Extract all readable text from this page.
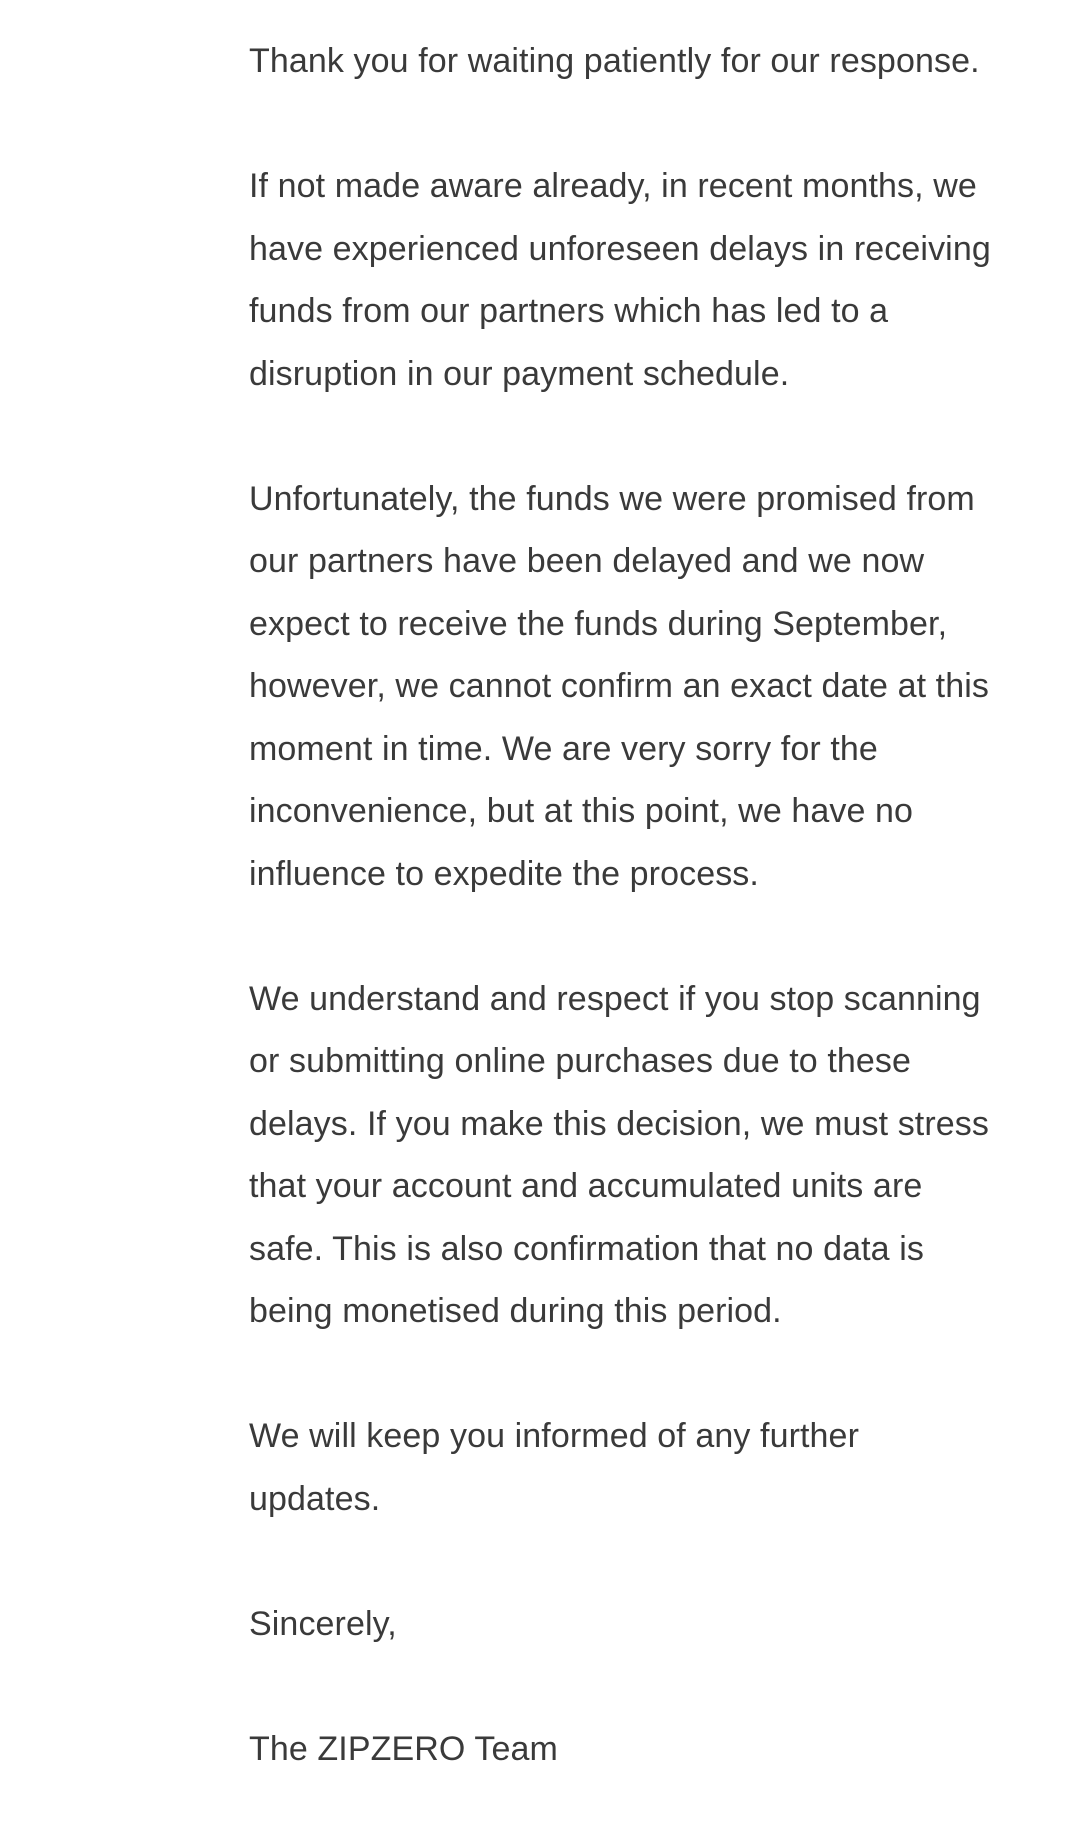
Thank you for waiting patiently for our response.

If not made aware already, in recent months, we
have experienced unforeseen delays in receiving
funds from our partners which has led to a
disruption in our payment schedule.

Unfortunately, the funds we were promised from
our partners have been delayed and we now
expect to receive the funds during September,
however, we cannot confirm an exact date at this
moment in time. We are very sorry for the
inconvenience, but at this point, we have no
influence to expedite the process.

We understand and respect if you stop scanning
or submitting online purchases due to these
delays. If you make this decision, we must stress
that your account and accumulated units are
safe. This is also confirmation that no data is
being monetised during this period.

We will keep you informed of any further
updates.

Sincerely,

The ZIPZERO Team
